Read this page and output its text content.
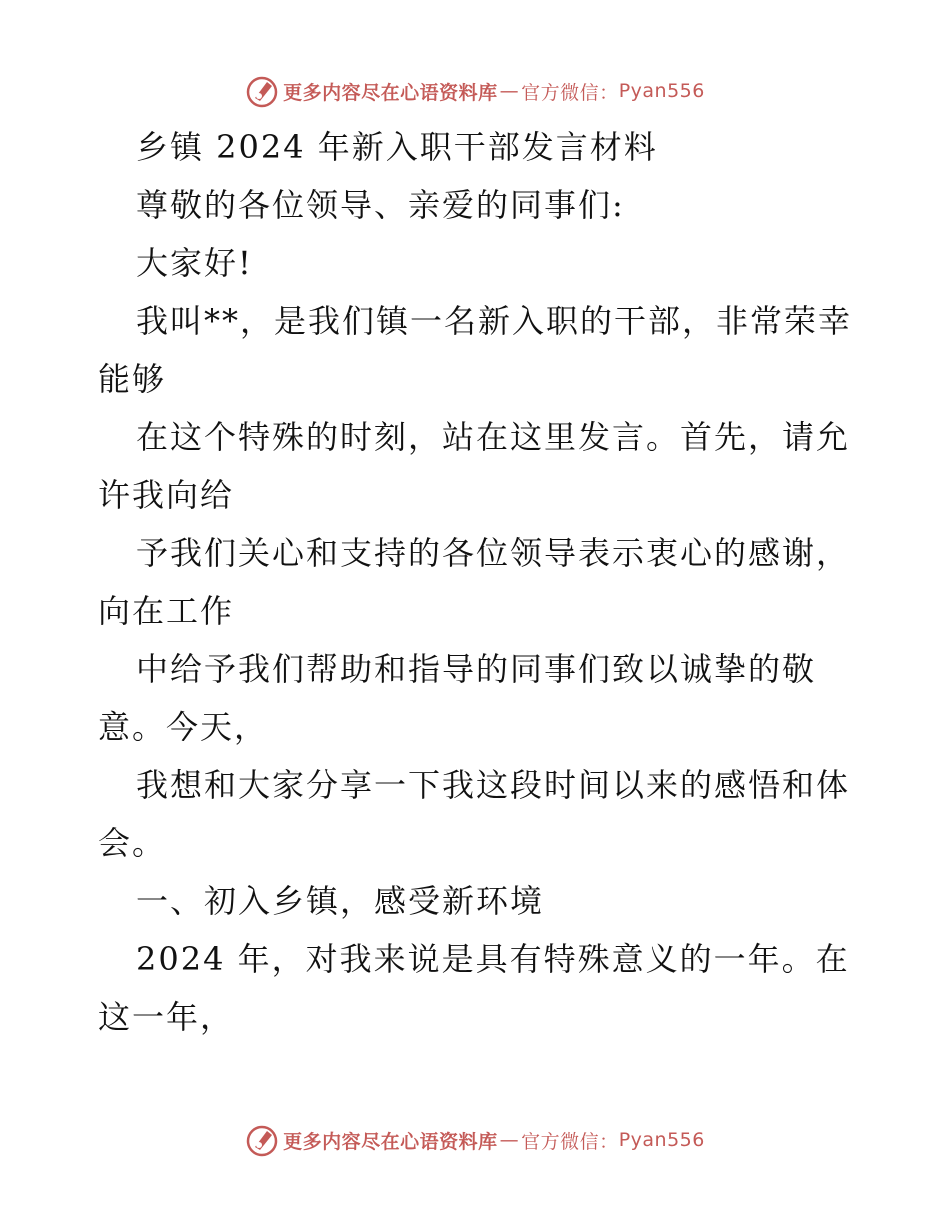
更多内容尽在心语资料库 — 官方微信： Pyan556
乡镇 2024 年新入职干部发言材料
尊敬的各位领导、亲爱的同事们:
大家好!
我叫**，是我们镇一名新入职的干部，非常荣幸
能够
在这个特殊的时刻，站在这里发言。首先，请允
许我向给
予我们关心和支持的各位领导表示衷心的感谢，
向在工作
中给予我们帮助和指导的同事们致以诚挚的敬
意。今天，
我想和大家分享一下我这段时间以来的感悟和体
会。
一、初入乡镇，感受新环境
2024 年，对我来说是具有特殊意义的一年。在
这一年，
更多内容尽在心语资料库 — 官方微信： Pyan556
